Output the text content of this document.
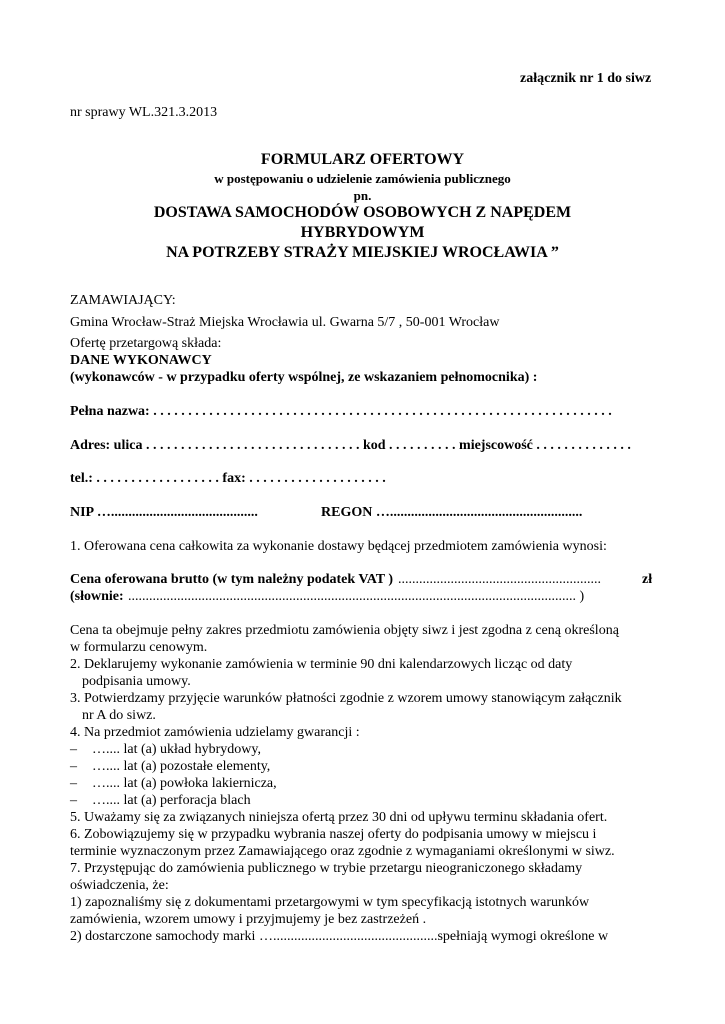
załącznik nr 1 do siwz
nr sprawy WL.321.3.2013
FORMULARZ OFERTOWY
w postępowaniu o udzielenie zamówienia publicznego
pn.
DOSTAWA SAMOCHODÓW OSOBOWYCH Z NAPĘDEM
HYBRYDOWYM
NA POTRZEBY STRAŻY MIEJSKIEJ WROCŁAWIA ”
ZAMAWIAJĄCY:
Gmina Wrocław-Straż Miejska Wrocławia ul. Gwarna 5/7 , 50-001 Wrocław
Ofertę przetargową składa:
DANE WYKONAWCY
(wykonawców - w przypadku oferty wspólnej, ze wskazaniem pełnomocnika) :
Pełna nazwa: . . . . . . . . . . . . . . . . . . . . . . . . . . . . . . . . . . . . . . . . . . . . . . . . . . . . . . . . . . . . . . . . . .
Adres: ulica . . . . . . . . . . . . . . . . . . . . . . . . . . . . . . . kod . . . . . . . . . . miejscowość . . . . . . . . . . . . . .
tel.: . . . . . . . . . . . . . . . . . . fax: . . . . . . . . . . . . . . . . . . . .
NIP …..........................................	REGON ….......................................................
1. Oferowana cena całkowita za wykonanie dostawy będącej przedmiotem zamówienia wynosi:
Cena oferowana brutto (w tym należny podatek VAT ) ..........................................................	zł
(słownie: ................................................................................................................................ )
Cena ta obejmuje pełny zakres przedmiotu zamówienia objęty siwz i jest zgodna z ceną określoną
w formularzu cenowym.
2. Deklarujemy wykonanie zamówienia w terminie 90 dni kalendarzowych licząc od daty
podpisania umowy.
3. Potwierdzamy przyjęcie warunków płatności zgodnie z wzorem umowy stanowiącym załącznik
nr A do siwz.
4. Na przedmiot zamówienia udzielamy gwarancji :
– ….... lat (a) układ hybrydowy,
– ….... lat (a) pozostałe elementy,
– ….... lat (a) powłoka lakiernicza,
– ….... lat (a) perforacja blach
5. Uważamy się za związanych niniejsza ofertą przez 30 dni od upływu terminu składania ofert.
6. Zobowiązujemy się w przypadku wybrania naszej oferty do podpisania umowy w miejscu i
terminie wyznaczonym przez Zamawiającego oraz zgodnie z wymaganiami określonymi w siwz.
7. Przystępując do zamówienia publicznego w trybie przetargu nieograniczonego składamy
oświadczenia, że:
1) zapoznaliśmy się z dokumentami przetargowymi w tym specyfikacją istotnych warunków
zamówienia, wzorem umowy i przyjmujemy je bez zastrzeżeń .
2) dostarczone samochody marki …...............................................spełniają wymogi określone w
